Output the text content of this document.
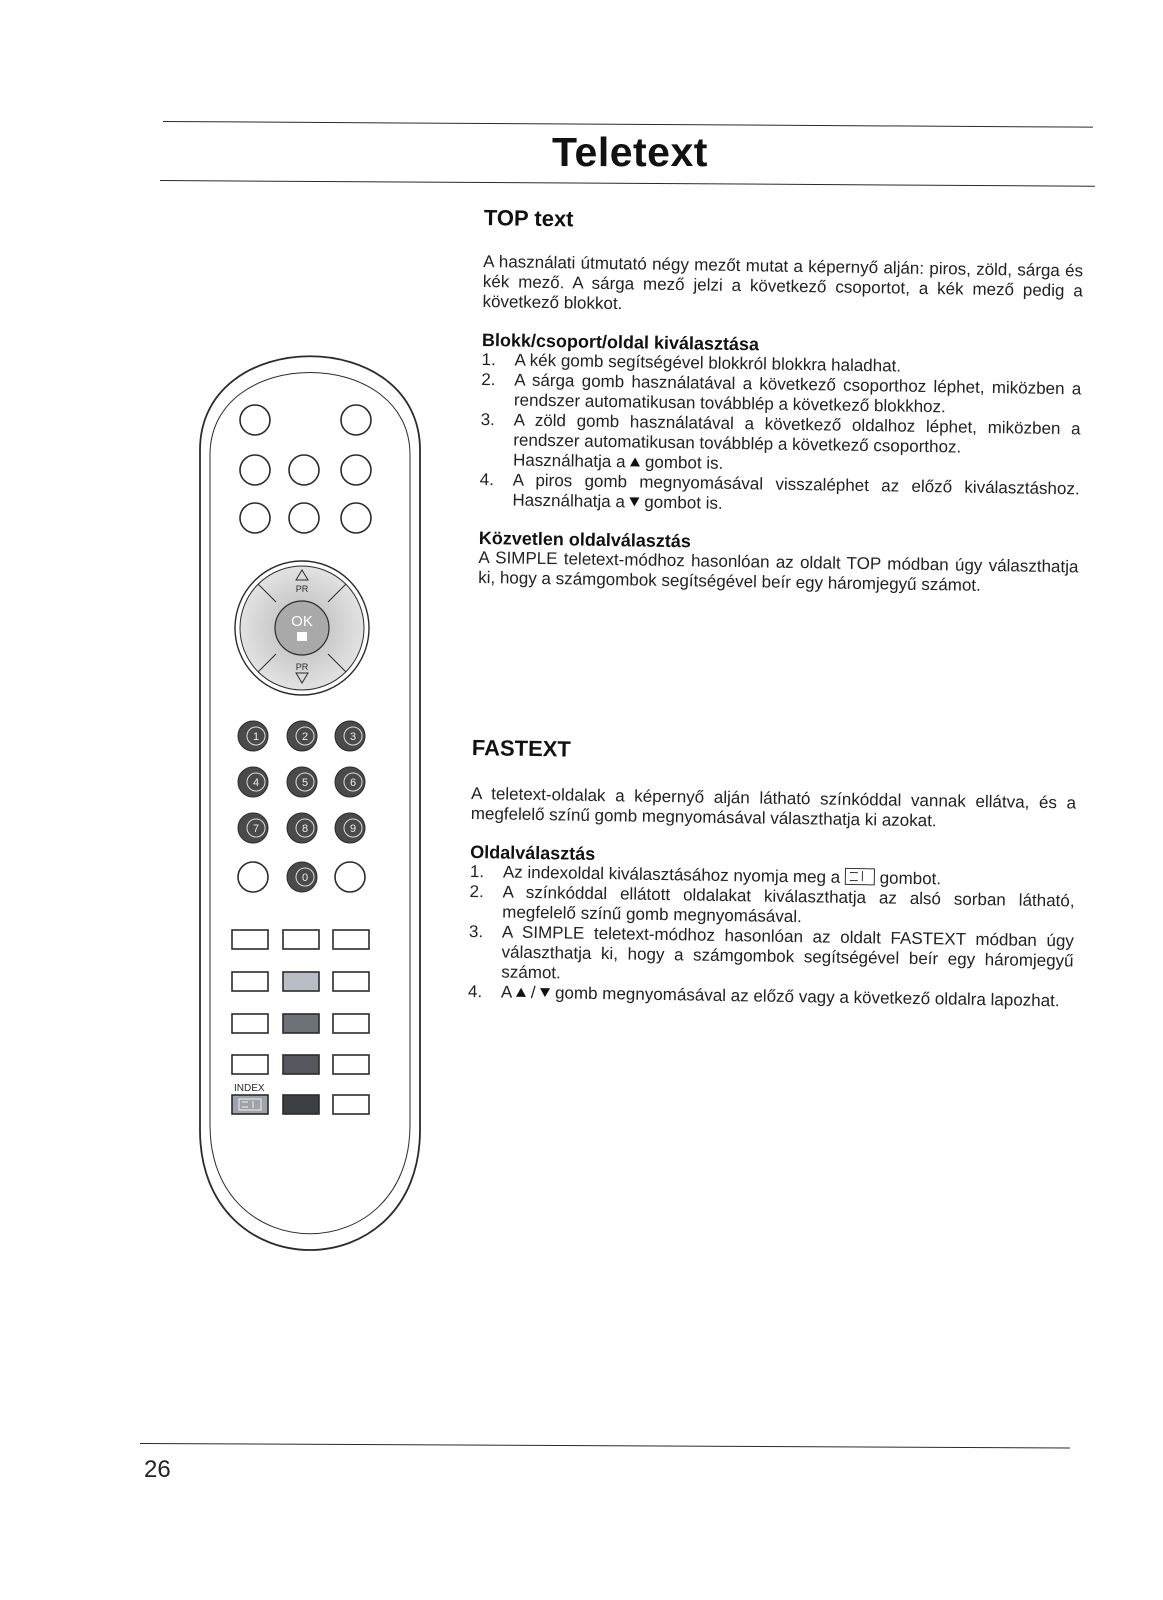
Teletext
OK
PR
PR
1	2	3
4	5	6
7	8	9
0
INDEX

TOP text

A használati útmutató négy mezőt mutat a képernyő alján: piros, zöld, sárga és kék mező. A sárga mező jelzi a következő csoportot, a kék mező pedig a következő blokkot.

Blokk/csoport/oldal kiválasztása

1. A kék gomb segítségével blokkról blokkra haladhat.
2. A sárga gomb használatával a következő csoporthoz léphet, miközben a rendszer automatikusan továbblép a következő blokkhoz.
3. A zöld gomb használatával a következő oldalhoz léphet, miközben a rendszer automatikusan továbblép a következő csoporthoz.
Használhatja a  gombot is.
4. A piros gomb megnyomásával visszaléphet az előző kiválasztáshoz. Használhatja a  gombot is.

Közvetlen oldalválasztás

A SIMPLE teletext-módhoz hasonlóan az oldalt TOP módban úgy választhatja ki, hogy a számgombok segítségével beír egy háromjegyű számot.

FASTEXT

A teletext-oldalak a képernyő alján látható színkóddal vannak ellátva, és a megfelelő színű gomb megnyomásával választhatja ki azokat.

Oldalválasztás

1. Az indexoldal kiválasztásához nyomja meg a  gombot.
2. A színkóddal ellátott oldalakat kiválaszthatja az alsó sorban látható, megfelelő színű gomb megnyomásával.
3. A SIMPLE teletext-módhoz hasonlóan az oldalt FASTEXT módban úgy választhatja ki, hogy a számgombok segítségével beír egy háromjegyű számot.
4. A  /  gomb megnyomásával az előző vagy a következő oldalra lapozhat.
26
